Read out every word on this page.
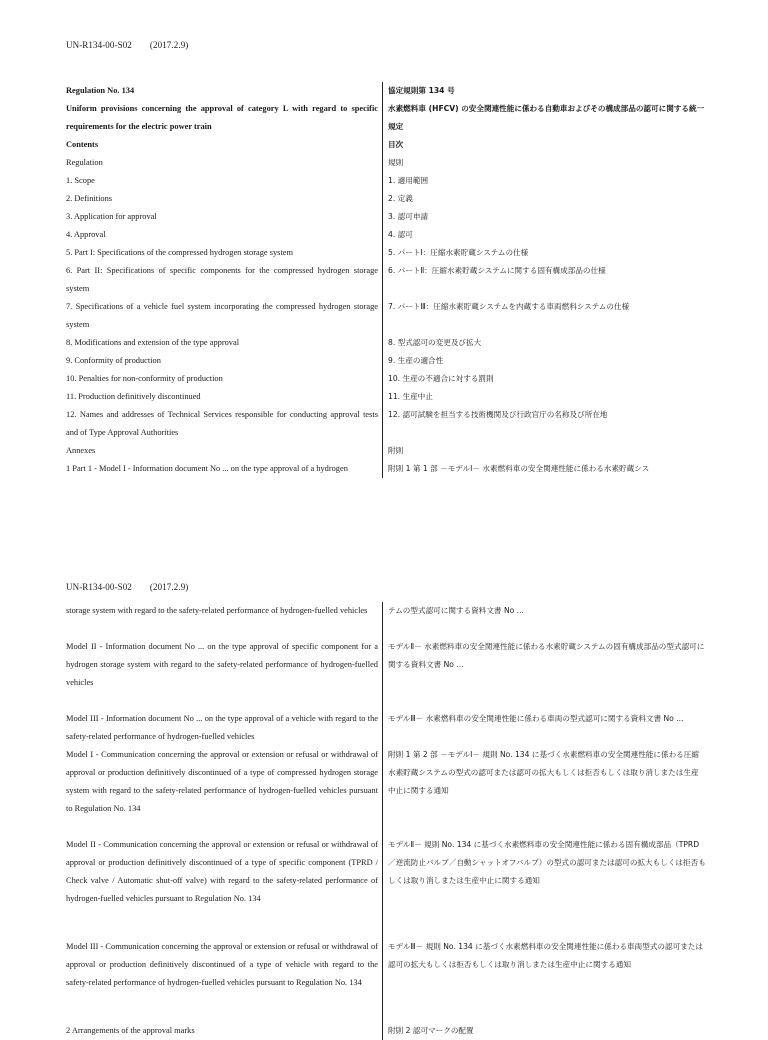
UN-R134-00-S02 (2017.2.9)
Regulation No. 134	協定規則第 134 号
Uniform provisions concerning the approval of category L with regard to specific requirements for the electric power train	水素燃料車 (HFCV) の安全関連性能に係わる自動車およびその構成部品の認可に関する統一規定
Contents	目次
Regulation	規則
1. Scope	1. 適用範囲
2. Definitions	2. 定義
3. Application for approval	3. 認可申請
4. Approval	4. 認可
5. Part I: Specifications of the compressed hydrogen storage system	5. パートⅠ：圧縮水素貯蔵システムの仕様
6. Part II: Specifications of specific components for the compressed hydrogen storage system	6. パートⅡ：圧縮水素貯蔵システムに関する固有構成部品の仕様
7. Specifications of a vehicle fuel system incorporating the compressed hydrogen storage system	7. パートⅢ：圧縮水素貯蔵システムを内蔵する車両燃料システムの仕様
8. Modifications and extension of the type approval	8. 型式認可の変更及び拡大
9. Conformity of production	9. 生産の適合性
10. Penalties for non-conformity of production	10. 生産の不適合に対する罰則
11. Production definitively discontinued	11. 生産中止
12. Names and addresses of Technical Services responsible for conducting approval tests and of Type Approval Authorities	12. 認可試験を担当する技術機関及び行政官庁の名称及び所在地
Annexes	附則
1 Part 1 - Model I - Information document No ... on the type approval of a hydrogen	附則 1 第 1 部 －モデルⅠ－ 水素燃料車の安全関連性能に係わる水素貯蔵シス
UN-R134-00-S02 (2017.2.9)
storage system with regard to the safety-related performance of hydrogen-fuelled vehicles	テムの型式認可に関する資料文書 No ...
Model II - Information document No ... on the type approval of specific component for a hydrogen storage system with regard to the safety-related performance of hydrogen-fuelled vehicles	モデルⅡ－ 水素燃料車の安全関連性能に係わる水素貯蔵システムの固有構成部品の型式認可に関する資料文書 No ...
Model III - Information document No ... on the type approval of a vehicle with regard to the safety-related performance of hydrogen-fuelled vehicles	モデルⅢ－ 水素燃料車の安全関連性能に係わる車両の型式認可に関する資料文書 No ...
Model I - Communication concerning the approval or extension or refusal or withdrawal of approval or production definitively discontinued of a type of compressed hydrogen storage system with regard to the safety-related performance of hydrogen-fuelled vehicles pursuant to Regulation No. 134	附則 1 第 2 部 －モデルⅠ－ 規則 No. 134 に基づく水素燃料車の安全関連性能に係わる圧縮水素貯蔵システムの型式の認可または認可の拡大もしくは拒否もしくは取り消しまたは生産中止に関する通知
Model II - Communication concerning the approval or extension or refusal or withdrawal of approval or production definitively discontinued of a type of specific component (TPRD / Check valve / Automatic shut-off valve) with regard to the safety-related performance of hydrogen-fuelled vehicles pursuant to Regulation No. 134	モデルⅡ－ 規則 No. 134 に基づく水素燃料車の安全関連性能に係わる固有構成部品（TPRD／逆流防止バルブ／自動シャットオフバルブ）の型式の認可または認可の拡大もしくは拒否もしくは取り消しまたは生産中止に関する通知
Model III - Communication concerning the approval or extension or refusal or withdrawal of approval or production definitively discontinued of a type of vehicle with regard to the safety-related performance of hydrogen-fuelled vehicles pursuant to Regulation No. 134	モデルⅢ－ 規則 No. 134 に基づく水素燃料車の安全関連性能に係わる車両型式の認可または認可の拡大もしくは拒否もしくは取り消しまたは生産中止に関する通知
2 Arrangements of the approval marks	附則 2 認可マークの配置
